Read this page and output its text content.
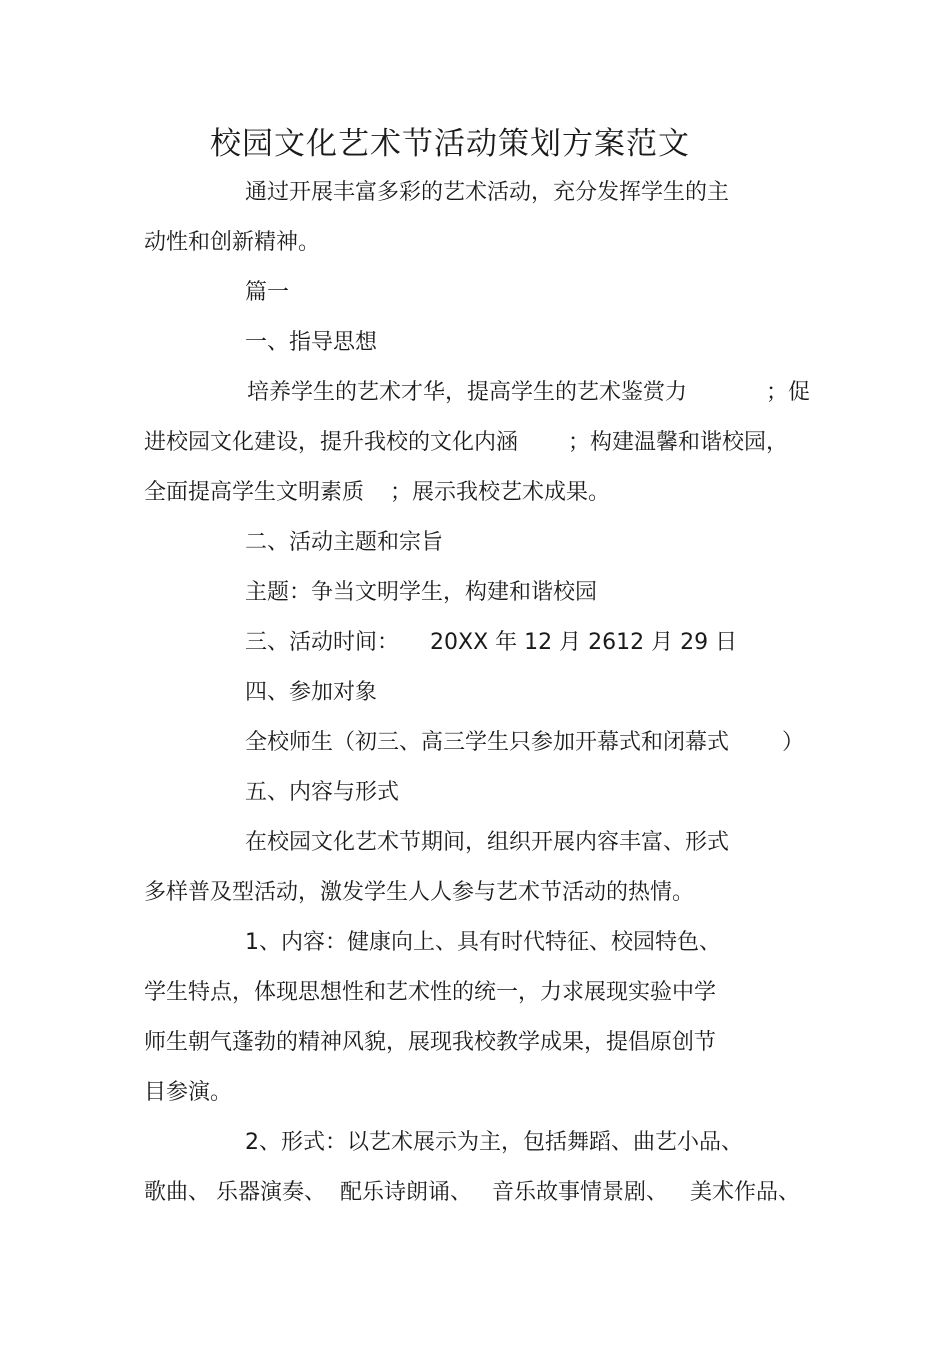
校园文化艺术节活动策划方案范文
通过开展丰富多彩的艺术活动，充分发挥学生的主
动性和创新精神。
篇一
一、指导思想
培养学生的艺术才华，提高学生的艺术鉴赏力	；促
进校园文化建设，提升我校的文化内涵 ；构建温馨和谐校园，
全面提高学生文明素质 ；展示我校艺术成果。
二、活动主题和宗旨
主题：争当文明学生，构建和谐校园
三、活动时间： 20XX 年 12 月 2612 月 29 日
四、参加对象
全校师生（初三、高三学生只参加开幕式和闭幕式 ）
五、内容与形式
在校园文化艺术节期间，组织开展内容丰富、形式
多样普及型活动，激发学生人人参与艺术节活动的热情。
1、内容：健康向上、具有时代特征、校园特色、
学生特点，体现思想性和艺术性的统一，力求展现实验中学
师生朝气蓬勃的精神风貌，展现我校教学成果，提倡原创节
目参演。
2、形式：以艺术展示为主，包括舞蹈、曲艺小品、
歌曲、 乐器演奏、 配乐诗朗诵、 音乐故事情景剧、 美术作品、
